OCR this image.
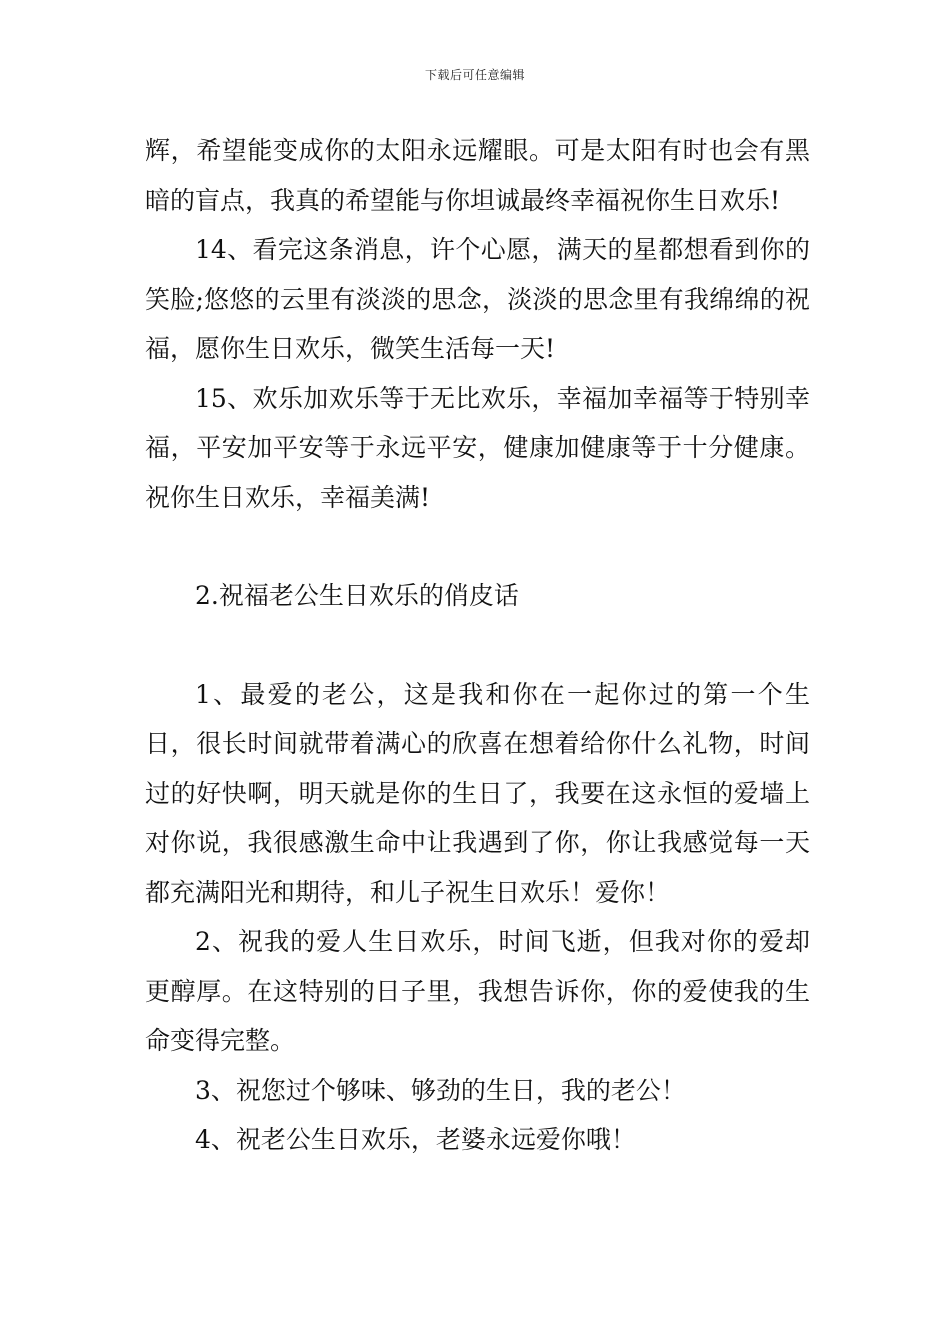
下载后可任意编辑

辉，希望能变成你的太阳永远耀眼。可是太阳有时也会有黑暗的盲点，我真的希望能与你坦诚最终幸福祝你生日欢乐!

14、看完这条消息，许个心愿，满天的星都想看到你的笑脸;悠悠的云里有淡淡的思念，淡淡的思念里有我绵绵的祝福，愿你生日欢乐，微笑生活每一天!

15、欢乐加欢乐等于无比欢乐，幸福加幸福等于特别幸福，平安加平安等于永远平安，健康加健康等于十分健康。祝你生日欢乐，幸福美满!

2.祝福老公生日欢乐的俏皮话

1、最爱的老公，这是我和你在一起你过的第一个生日，很长时间就带着满心的欣喜在想着给你什么礼物，时间过的好快啊，明天就是你的生日了，我要在这永恒的爱墙上对你说，我很感激生命中让我遇到了你，你让我感觉每一天都充满阳光和期待，和儿子祝生日欢乐！爱你！

2、祝我的爱人生日欢乐，时间飞逝，但我对你的爱却更醇厚。在这特别的日子里，我想告诉你，你的爱使我的生命变得完整。

3、祝您过个够味、够劲的生日，我的老公！

4、祝老公生日欢乐，老婆永远爱你哦！
